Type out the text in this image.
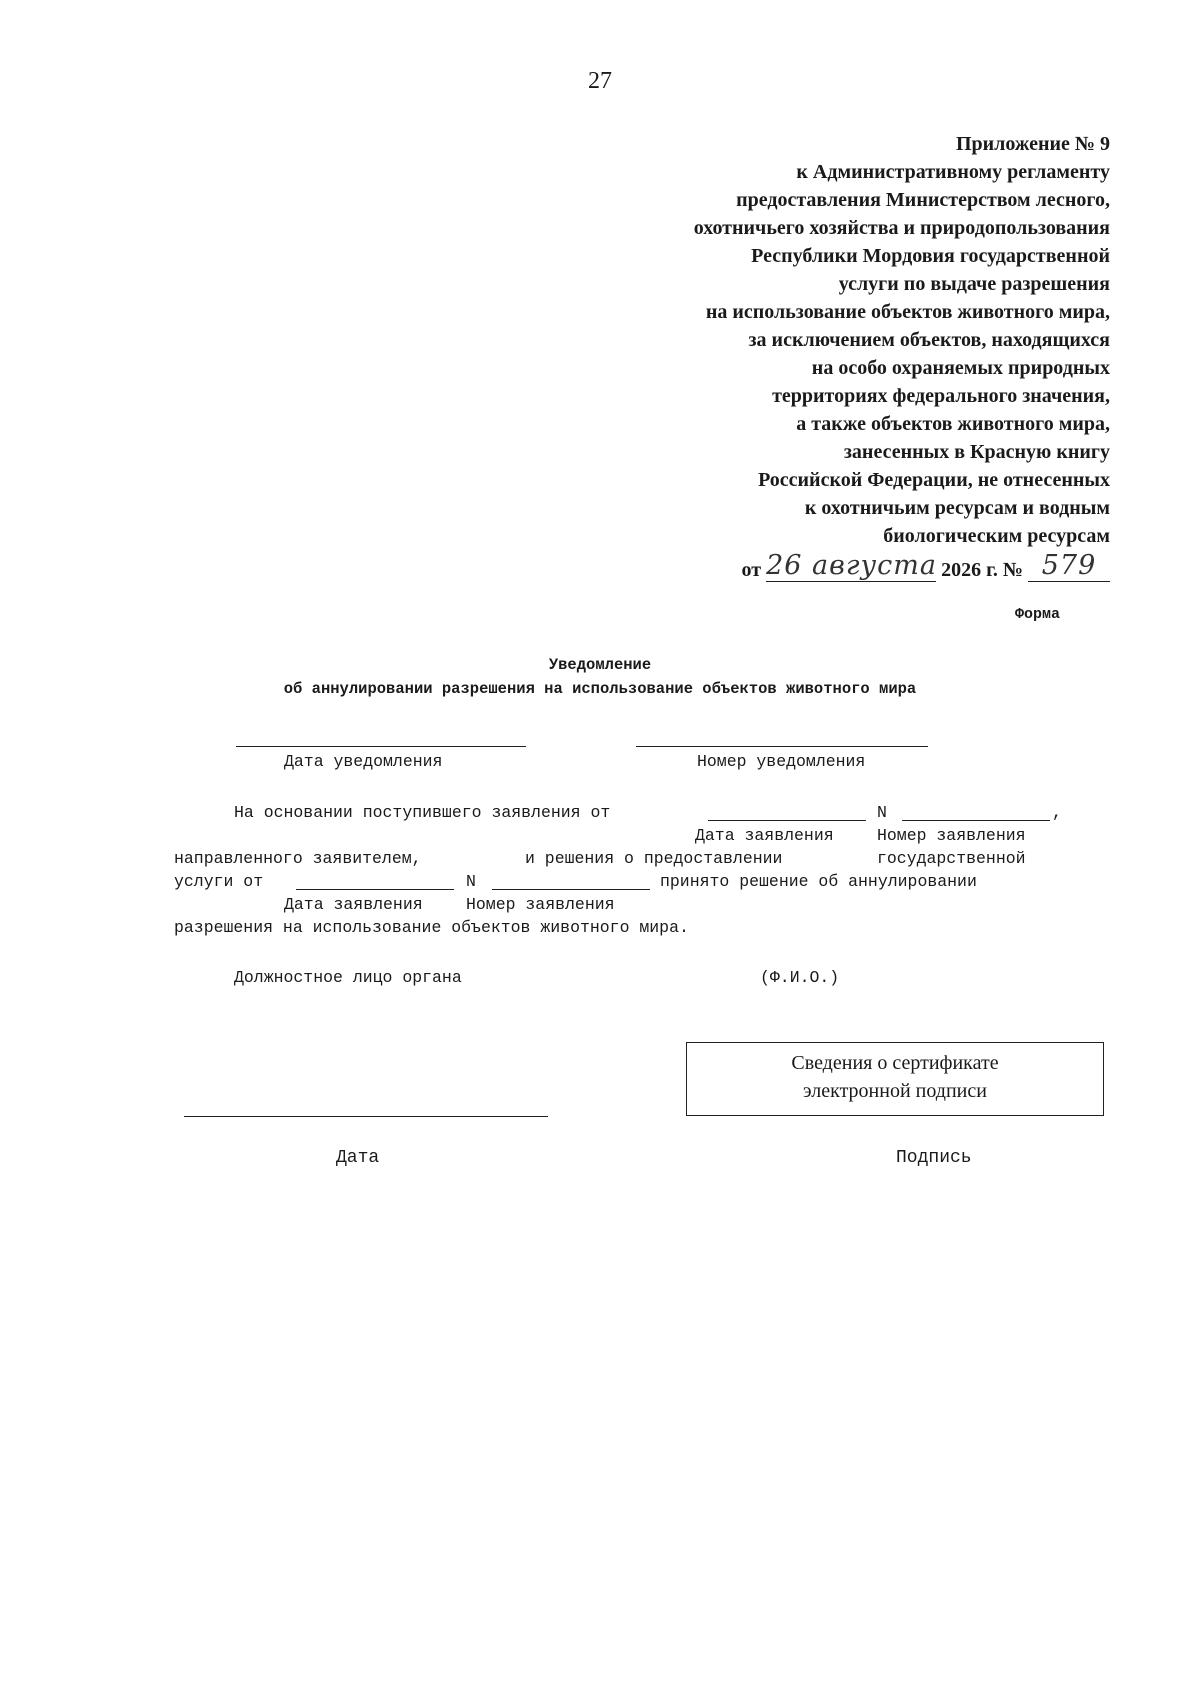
27
Приложение № 9
к Административному регламенту
предоставления Министерством лесного,
охотничьего хозяйства и природопользования
Республики Мордовия государственной
услуги по выдаче разрешения
на использование объектов животного мира,
за исключением объектов, находящихся
на особо охраняемых природных
территориях федерального значения,
а также объектов животного мира,
занесенных в Красную книгу
Российской Федерации, не отнесенных
к охотничьим ресурсам и водным
биологическим ресурсам
от 26 августа 2026 г. № 579
Форма
Уведомление
об аннулировании разрешения на использование объектов животного мира
Дата уведомления	Номер уведомления
На основании поступившего заявления от	N	,
Дата заявления	Номер заявления
направленного заявителем,	и решения о предоставлении	государственной
услуги от	N	принято решение об аннулировании
Дата заявления	Номер заявления
разрешения на использование объектов животного мира.
Должностное лицо органа	(Ф.И.О.)
Сведения о сертификате
электронной подписи
Дата	Подпись
